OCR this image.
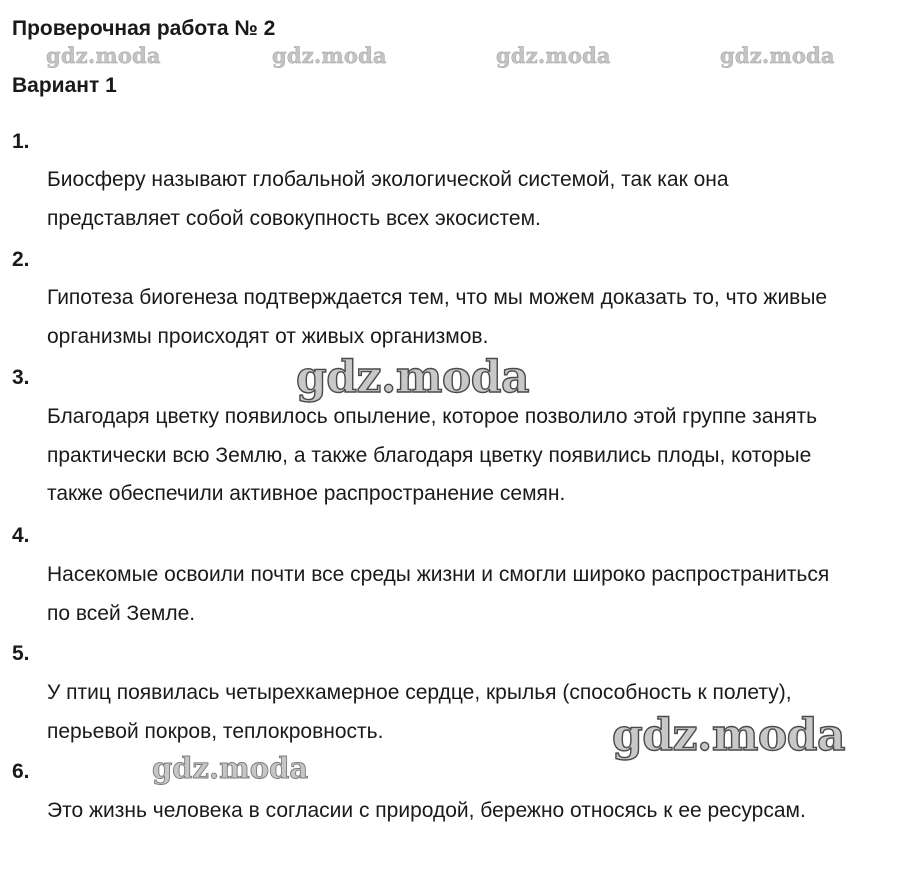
Проверочная работа № 2
gdz.moda	gdz.moda	gdz.moda	gdz.moda
Вариант 1
1.
Биосферу называют глобальной экологической системой, так как она
представляет собой совокупность всех экосистем.
2.
Гипотеза биогенеза подтверждается тем, что мы можем доказать то, что живые
организмы происходят от живых организмов.
3.
Благодаря цветку появилось опыление, которое позволило этой группе занять
практически всю Землю, а также благодаря цветку появились плоды, которые
также обеспечили активное распространение семян.
4.
Насекомые освоили почти все среды жизни и смогли широко распространиться
по всей Земле.
5.
У птиц появилась четырехкамерное сердце, крылья (способность к полету),
перьевой покров, теплокровность.
6.
Это жизнь человека в согласии с природой, бережно относясь к ее ресурсам.
gdz.moda
gdz.moda
gdz.moda
